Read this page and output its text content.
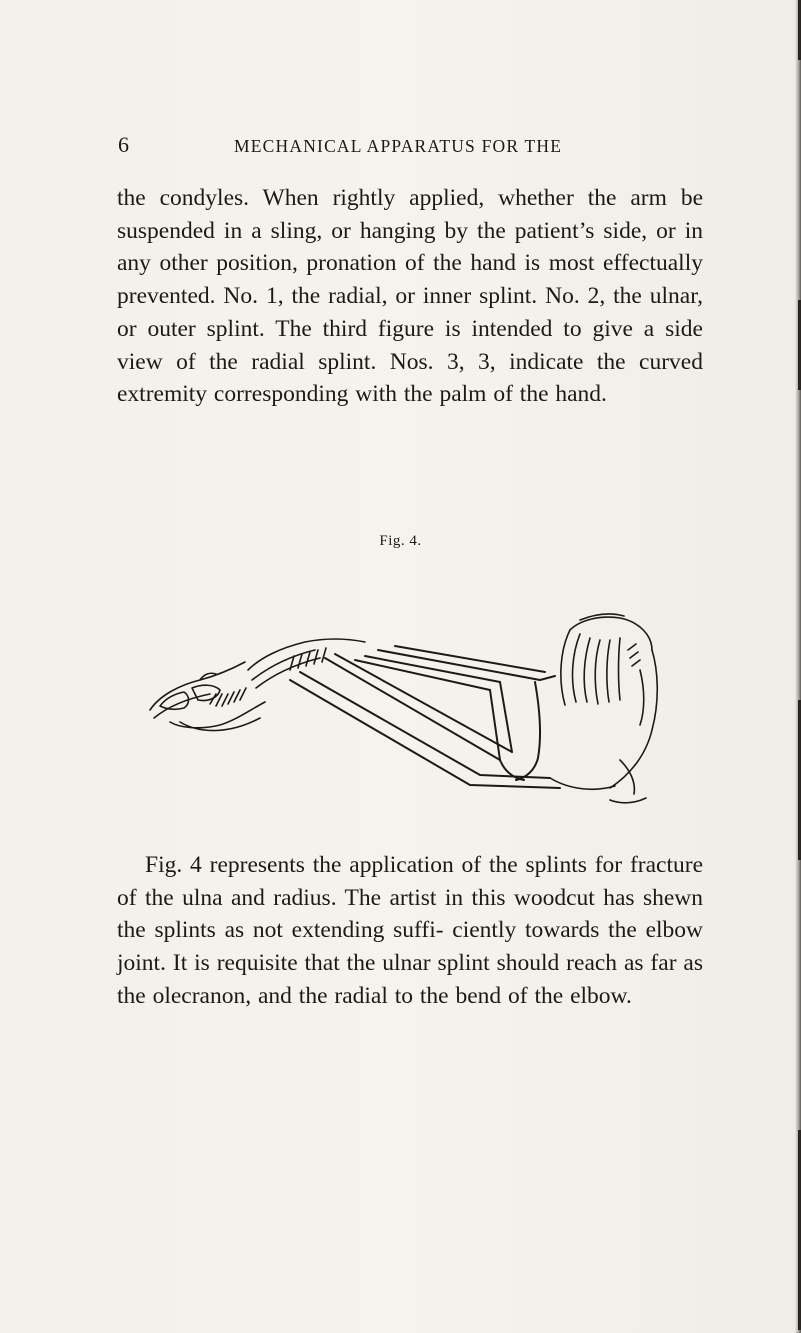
6	MECHANICAL APPARATUS FOR THE

the condyles. When rightly applied, whether the arm be suspended in a sling, or hanging by the patient’s side, or in any other position, pronation of the hand is most effectually prevented. No. 1, the radial, or inner splint. No. 2, the ulnar, or outer splint. The third figure is intended to give a side view of the radial splint. Nos. 3, 3, indicate the curved extremity corresponding with the palm of the hand.

Fig. 4.

Fig. 4 represents the application of the splints for fracture of the ulna and radius. The artist in this woodcut has shewn the splints as not extending suffi- ciently towards the elbow joint. It is requisite that the ulnar splint should reach as far as the olecranon, and the radial to the bend of the elbow.
